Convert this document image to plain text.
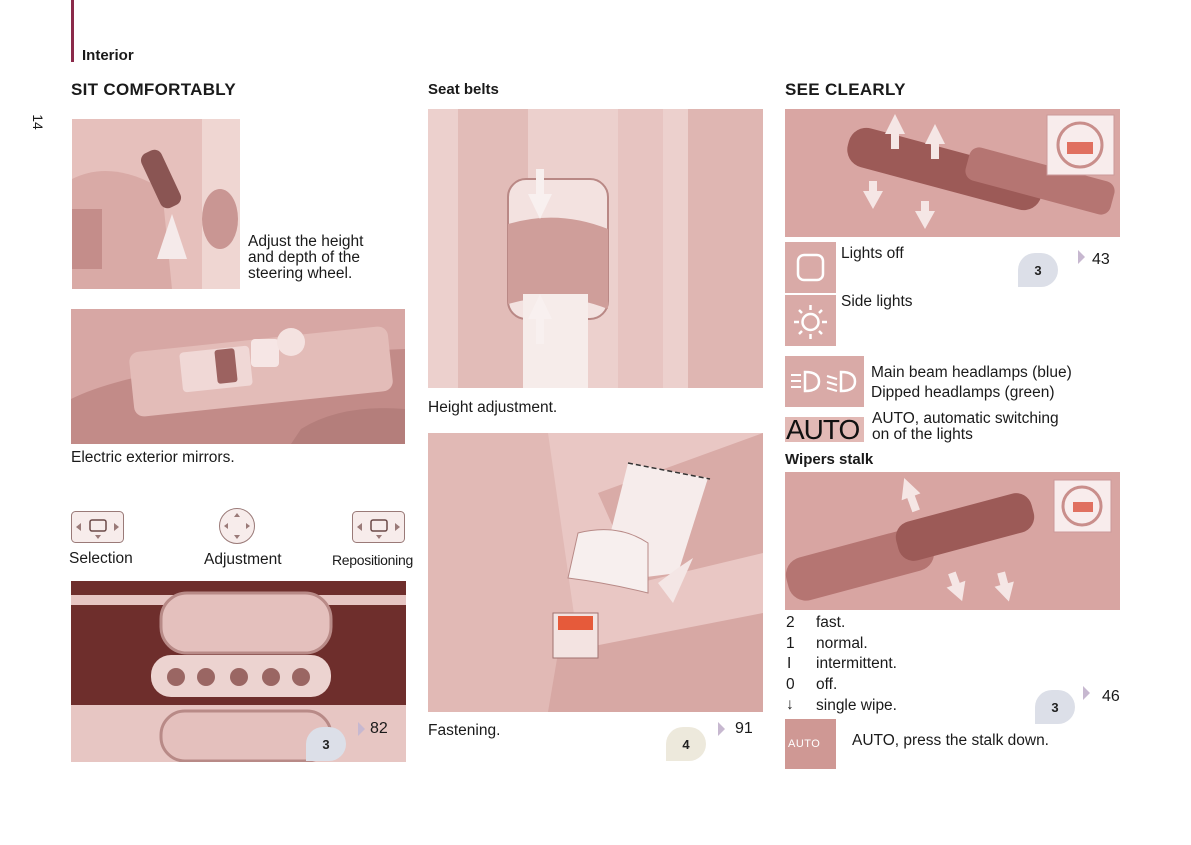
Interior
14
SIT COMFORTABLY
Adjust the height
and depth of the
steering wheel.
Electric exterior mirrors.
Selection	Adjustment	Repositioning
3
82
Seat belts
Height adjustment.
Fastening.
4
91
SEE CLEARLY
Lights off
3
43
Side lights
Main beam headlamps (blue)
Dipped headlamps (green)
AUTO AUTO, automatic switching
on of the lights
Wipers stalk
2 fast.
1 normal.
I intermittent.
0 off.
↓ single wipe.	3
46
AUTO AUTO, press the stalk down.
